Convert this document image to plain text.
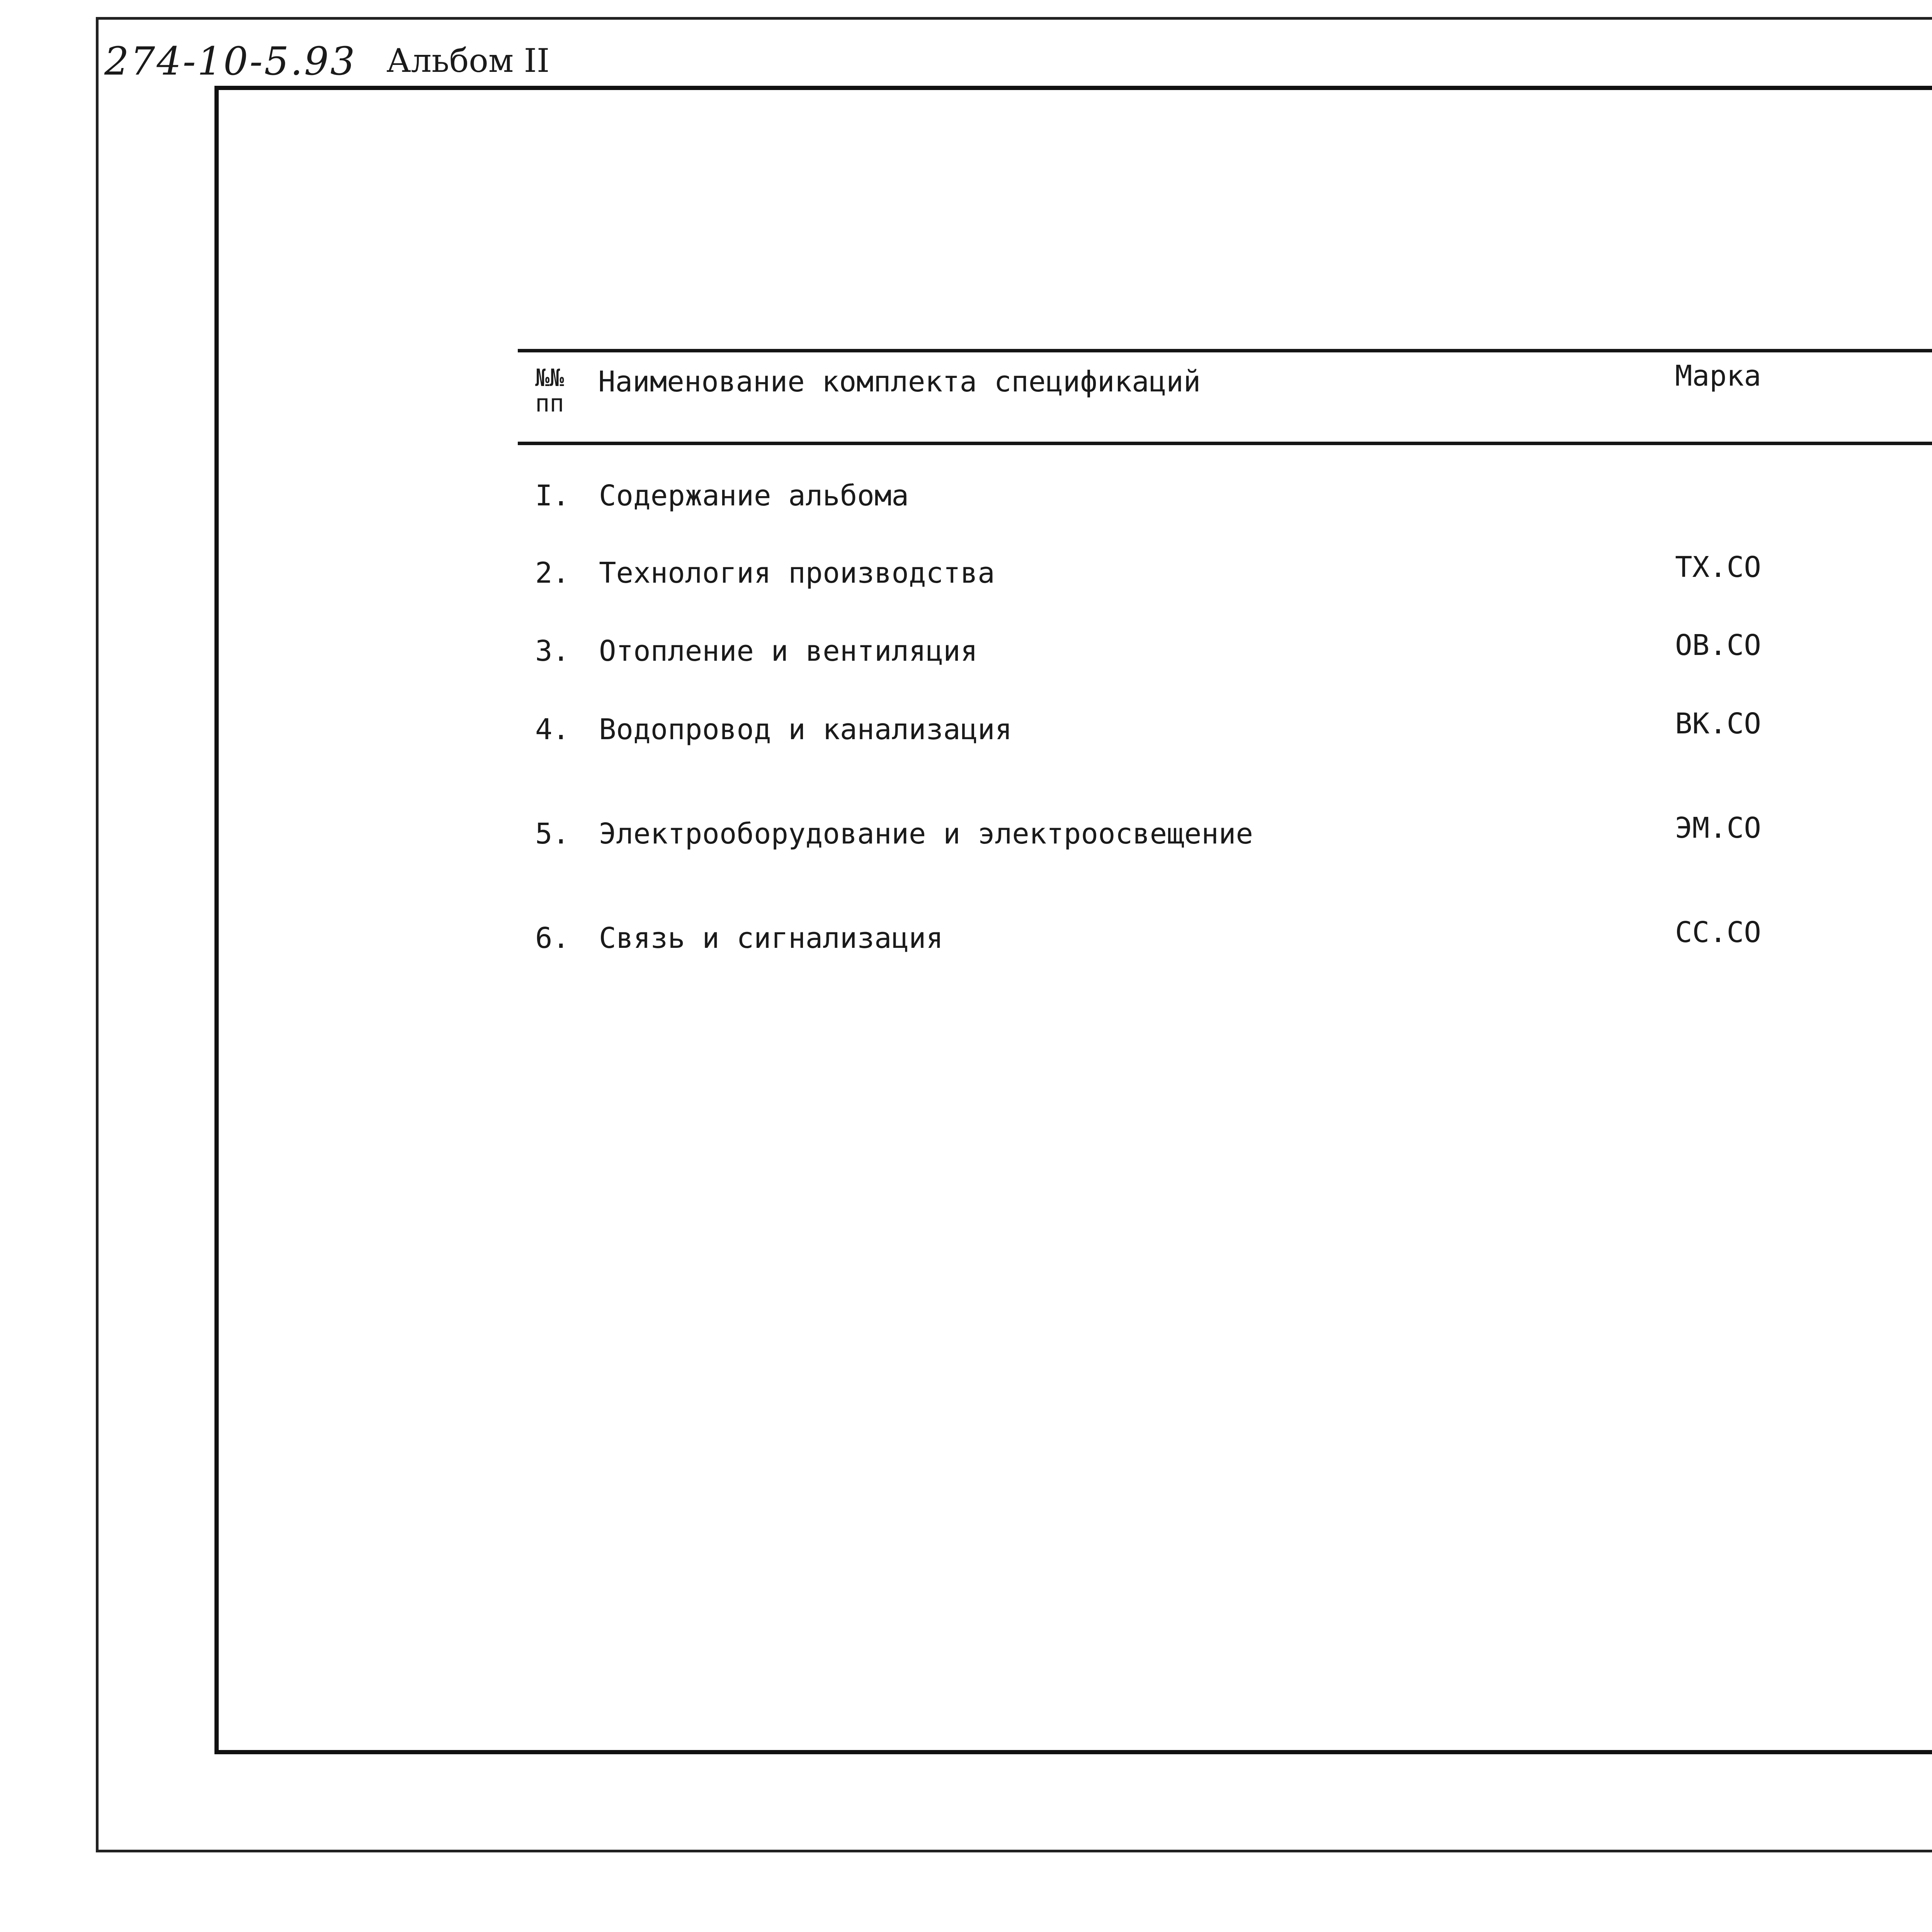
274-10-5.93 Альбом II
№№
пп
Наименование комплекта спецификаций	Марка
I. Содержание альбома
2. Технология производства	ТХ.СО
3. Отопление и вентиляция	ОВ.СО
4. Водопровод и канализация	ВК.СО
5. Электрооборудование и электроосвещение	ЭМ.СО
6. Связь и сигнализация	СС.СО
